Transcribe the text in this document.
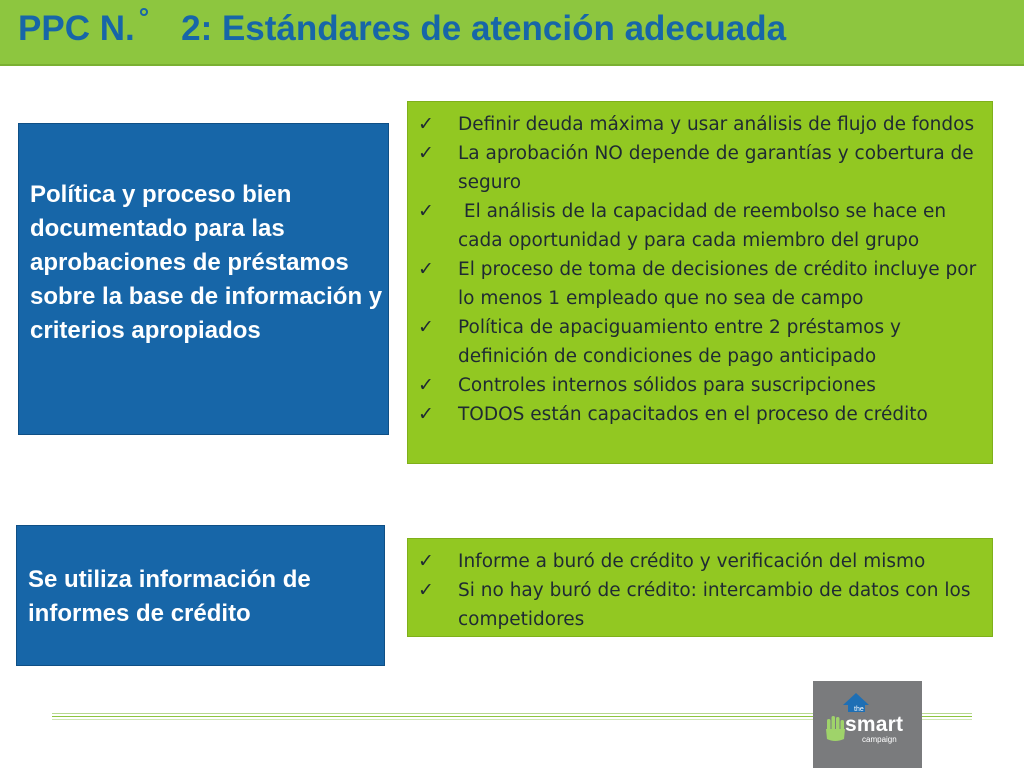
PPC N. ° 2: Estándares de atención adecuada
Política y proceso bien documentado para las aprobaciones de préstamos sobre la base de información y criterios apropiados
✓ Definir deuda máxima y usar análisis de flujo de fondos
✓ La aprobación NO depende de garantías y cobertura de seguro
✓ El análisis de la capacidad de reembolso se hace en cada oportunidad y para cada miembro del grupo
✓ El proceso de toma de decisiones de crédito incluye por lo menos 1 empleado que no sea de campo
✓ Política de apaciguamiento entre 2 préstamos y definición de condiciones de pago anticipado
✓ Controles internos sólidos para suscripciones
✓ TODOS están capacitados en el proceso de crédito
Se utiliza información de informes de crédito
✓ Informe a buró de crédito y verificación del mismo
✓ Si no hay buró de crédito: intercambio de datos con los competidores
the
smart
campaign
